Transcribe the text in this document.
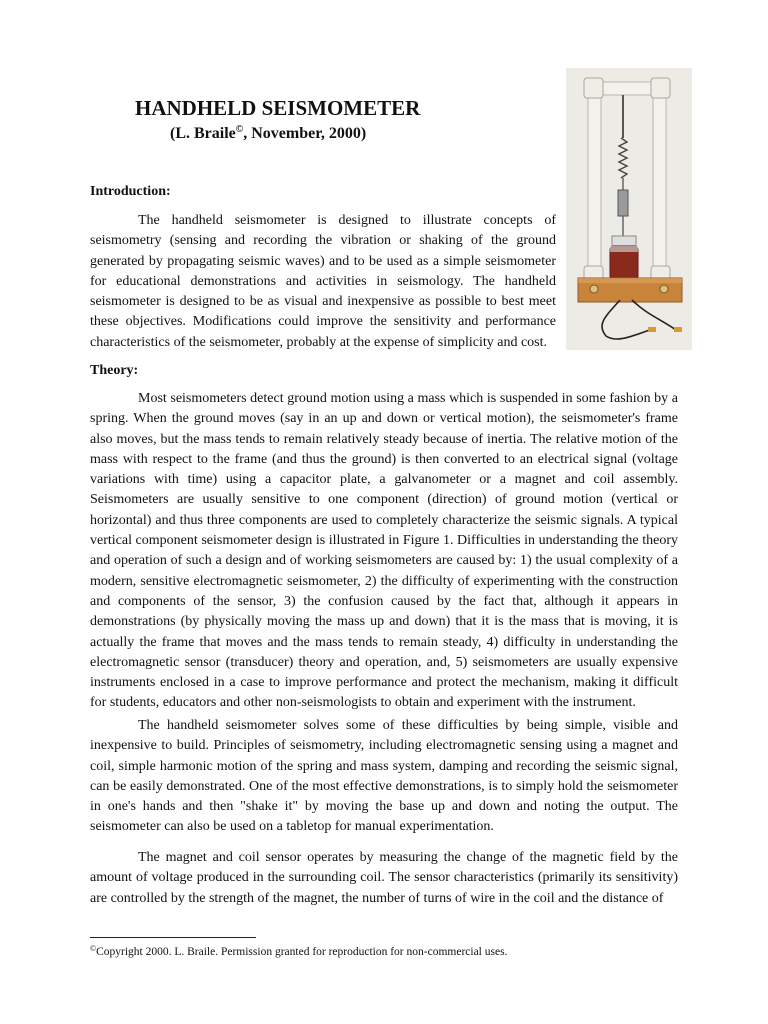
HANDHELD SEISMOMETER
(L. Braile©, November, 2000)
Introduction:

The handheld seismometer is designed to illustrate concepts of seismometry (sensing and recording the vibration or shaking of the ground generated by propagating seismic waves) and to be used as a simple seismometer for educational demonstrations and activities in seismology. The handheld seismometer is designed to be as visual and inexpensive as possible to best meet these objectives. Modifications could improve the sensitivity and performance characteristics of the seismometer, probably at the expense of simplicity and cost.

Theory:

Most seismometers detect ground motion using a mass which is suspended in some fashion by a spring. When the ground moves (say in an up and down or vertical motion), the seismometer's frame also moves, but the mass tends to remain relatively steady because of inertia. The relative motion of the mass with respect to the frame (and thus the ground) is then converted to an electrical signal (voltage variations with time) using a capacitor plate, a galvanometer or a magnet and coil assembly. Seismometers are usually sensitive to one component (direction) of ground motion (vertical or horizontal) and thus three components are used to completely characterize the seismic signals. A typical vertical component seismometer design is illustrated in Figure 1. Difficulties in understanding the theory and operation of such a design and of working seismometers are caused by: 1) the usual complexity of a modern, sensitive electromagnetic seismometer, 2) the difficulty of experimenting with the construction and components of the sensor, 3) the confusion caused by the fact that, although it appears in demonstrations (by physically moving the mass up and down) that it is the mass that is moving, it is actually the frame that moves and the mass tends to remain steady, 4) difficulty in understanding the electromagnetic sensor (transducer) theory and operation, and, 5) seismometers are usually expensive instruments enclosed in a case to improve performance and protect the mechanism, making it difficult for students, educators and other non-seismologists to obtain and experiment with the instrument.

The handheld seismometer solves some of these difficulties by being simple, visible and inexpensive to build. Principles of seismometry, including electromagnetic sensing using a magnet and coil, simple harmonic motion of the spring and mass system, damping and recording the seismic signal, can be easily demonstrated. One of the most effective demonstrations, is to simply hold the seismometer in one's hands and then "shake it" by moving the base up and down and noting the output. The seismometer can also be used on a tabletop for manual experimentation.

The magnet and coil sensor operates by measuring the change of the magnetic field by the amount of voltage produced in the surrounding coil. The sensor characteristics (primarily its sensitivity) are controlled by the strength of the magnet, the number of turns of wire in the coil and the distance of

©Copyright 2000. L. Braile. Permission granted for reproduction for non-commercial uses.
